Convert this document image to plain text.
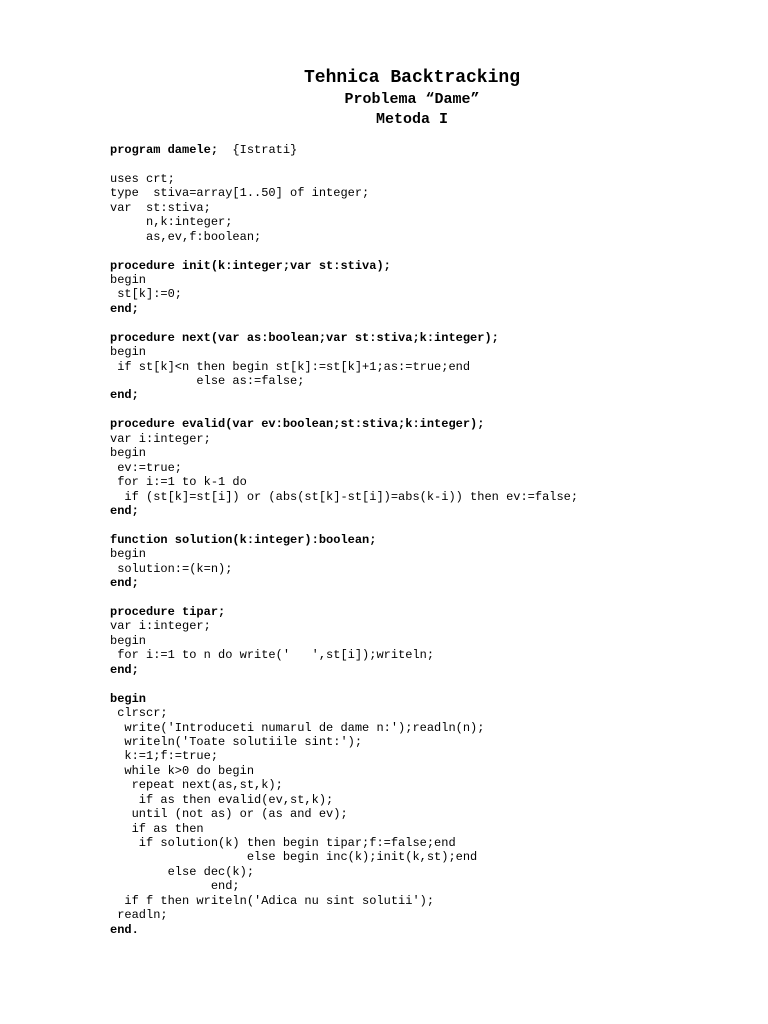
Tehnica Backtracking
Problema “Dame”
Metoda I
program damele;  {Istrati}

uses crt;
type  stiva=array[1..50] of integer;
var  st:stiva;
n,k:integer;
as,ev,f:boolean;

procedure init(k:integer;var st:stiva);
begin
st[k]:=0;
end;

procedure next(var as:boolean;var st:stiva;k:integer);
begin
if st[k]<n then begin st[k]:=st[k]+1;as:=true;end
else as:=false;
end;

procedure evalid(var ev:boolean;st:stiva;k:integer);
var i:integer;
begin
ev:=true;
for i:=1 to k-1 do
if (st[k]=st[i]) or (abs(st[k]-st[i])=abs(k-i)) then ev:=false;
end;

function solution(k:integer):boolean;
begin
solution:=(k=n);
end;

procedure tipar;
var i:integer;
begin
for i:=1 to n do write('   ',st[i]);writeln;
end;

begin
clrscr;
write('Introduceti numarul de dame n:');readln(n);
writeln('Toate solutiile sint:');
k:=1;f:=true;
while k>0 do begin
repeat next(as,st,k);
if as then evalid(ev,st,k);
until (not as) or (as and ev);
if as then
if solution(k) then begin tipar;f:=false;end
else begin inc(k);init(k,st);end
else dec(k);
end;
if f then writeln('Adica nu sint solutii');
readln;
end.
